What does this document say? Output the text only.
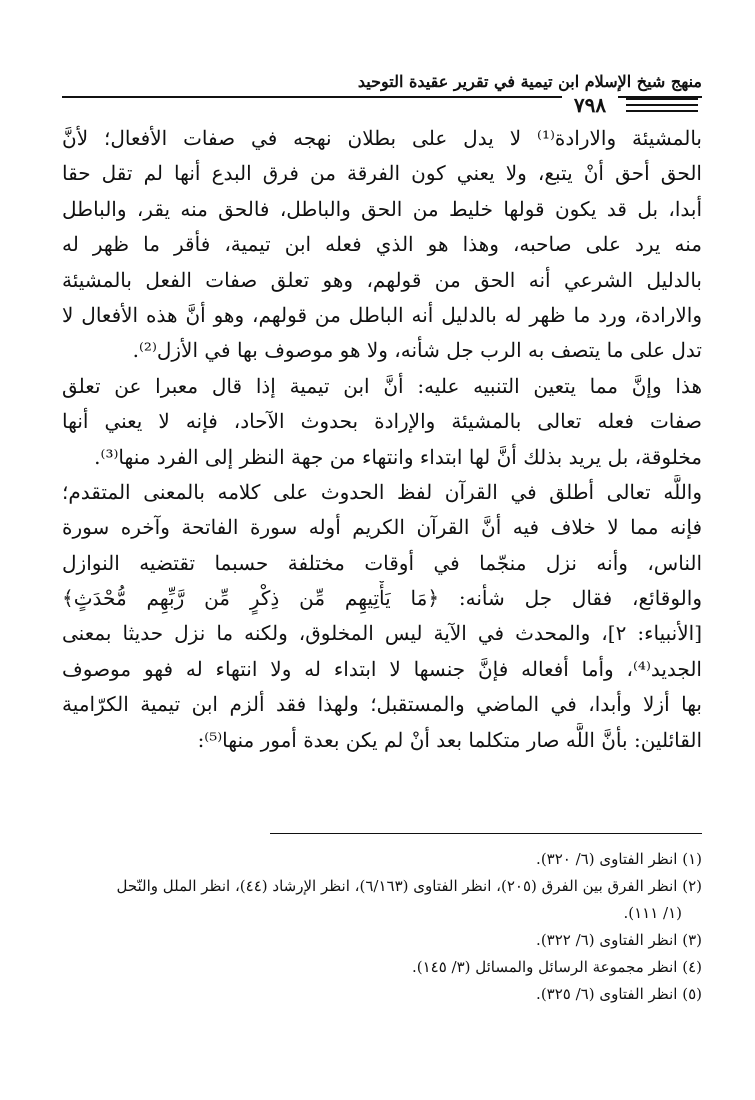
منهج شيخ الإسلام ابن تيمية في تقرير عقيدة التوحيد
٧٩٨
بالمشيئة والارادة⁽¹⁾ لا يدل على بطلان نهجه في صفات الأفعال؛ لأنَّ
الحق أحق أنْ يتبع، ولا يعني كون الفرقة من فرق البدع أنها لم تقل حقا
أبدا، بل قد يكون قولها خليط من الحق والباطل، فالحق منه يقر، والباطل
منه يرد على صاحبه، وهذا هو الذي فعله ابن تيمية، فأقر ما ظهر له
بالدليل الشرعي أنه الحق من قولهم، وهو تعلق صفات الفعل بالمشيئة
والارادة، ورد ما ظهر له بالدليل أنه الباطل من قولهم، وهو أنَّ هذه الأفعال لا
تدل على ما يتصف به الرب جل شأنه، ولا هو موصوف بها في الأزل⁽²⁾.
هذا وإنَّ مما يتعين التنبيه عليه: أنَّ ابن تيمية إذا قال معبرا عن تعلق
صفات فعله تعالى بالمشيئة والإرادة بحدوث الآحاد، فإنه لا يعني أنها
مخلوقة، بل يريد بذلك أنَّ لها ابتداء وانتهاء من جهة النظر إلى الفرد منها⁽³⁾.
واللَّه تعالى أطلق في القرآن لفظ الحدوث على كلامه بالمعنى المتقدم؛
فإنه مما لا خلاف فيه أنَّ القرآن الكريم أوله سورة الفاتحة وآخره سورة
الناس، وأنه نزل منجّما في أوقات مختلفة حسبما تقتضيه النوازل
والوقائع، فقال جل شأنه: ﴿مَا يَأْتِيهِم مِّن ذِكْرٍ مِّن رَّبِّهِم مُّحْدَثٍ﴾
[الأنبياء: ٢]، والمحدث في الآية ليس المخلوق، ولكنه ما نزل حديثا بمعنى
الجديد⁽⁴⁾، وأما أفعاله فإنَّ جنسها لا ابتداء له ولا انتهاء له فهو موصوف
بها أزلا وأبدا، في الماضي والمستقبل؛ ولهذا فقد ألزم ابن تيمية الكرّامية
القائلين: بأنَّ اللَّه صار متكلما بعد أنْ لم يكن بعدة أمور منها⁽⁵⁾:
(١) انظر الفتاوى (٦/ ٣٢٠).
(٢) انظر الفرق بين الفرق (٢٠٥)، انظر الفتاوى (٦/١٦٣)، انظر الإرشاد (٤٤)، انظر الملل والنّحل
(١/ ١١١).
(٣) انظر الفتاوى (٦/ ٣٢٢).
(٤) انظر مجموعة الرسائل والمسائل (٣/ ١٤٥).
(٥) انظر الفتاوى (٦/ ٣٢٥).
